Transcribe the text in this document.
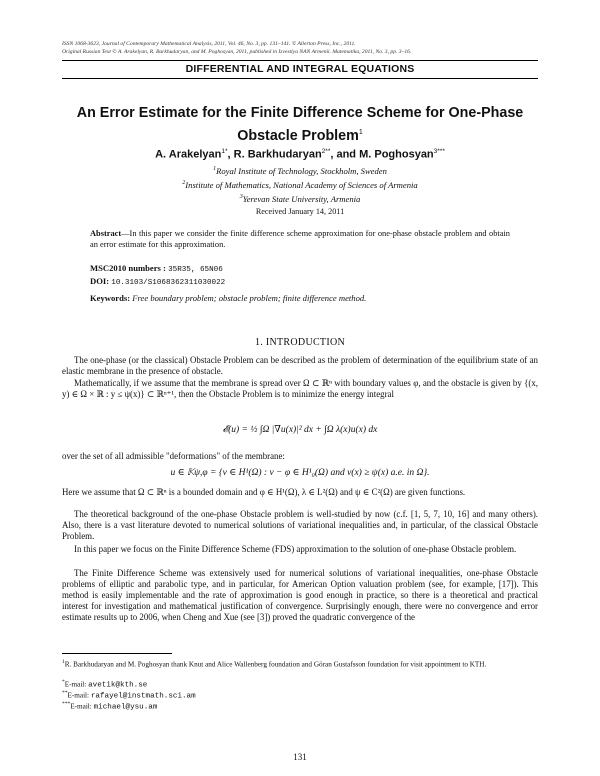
ISSN 1068-3623, Journal of Contemporary Mathematical Analysis, 2011, Vol. 46, No. 3, pp. 131–141. © Allerton Press, Inc., 2011.
Original Russian Text © A. Arakelyan, R. Barkhudaryan, and M. Poghosyan, 2011, published in Izvestiya NAN Armenii. Matematika, 2011, No. 3, pp. 3–16.
DIFFERENTIAL AND INTEGRAL EQUATIONS
An Error Estimate for the Finite Difference Scheme for One-Phase
Obstacle Problem$^1$
A. Arakelyan$^{1*}$, R. Barkhudaryan$^{2**}$, and M. Poghosyan$^{3***}$
$^1$Royal Institute of Technology, Stockholm, Sweden
$^2$Institute of Mathematics, National Academy of Sciences of Armenia
$^3$Yerevan State University, Armenia
Received January 14, 2011
Abstract—In this paper we consider the finite difference scheme approximation for one-phase obstacle problem and obtain an error estimate for this approximation.
MSC2010 numbers : 35R35, 65N06
DOI: 10.3103/S1068362311030022
Keywords: Free boundary problem; obstacle problem; finite difference method.
1. INTRODUCTION
The one-phase (or the classical) Obstacle Problem can be described as the problem of determination of the equilibrium state of an elastic membrane in the presence of obstacle.
Mathematically, if we assume that the membrane is spread over Ω ⊂ ℝⁿ with boundary values φ, and the obstacle is given by {(x, y) ∈ Ω × ℝ : y ≤ ψ(x)} ⊂ ℝⁿ⁺¹, then the Obstacle Problem is to minimize the energy integral
𝓔(u) = ½ ∫Ω |∇u(x)|² dx + ∫Ω λ(x)u(x) dx
over the set of all admissible "deformations" of the membrane:
u ∈ 𝕂ψ,φ = {v ∈ H¹(Ω) : v − φ ∈ H¹₀(Ω) and v(x) ≥ ψ(x) a.e. in Ω}.
Here we assume that Ω ⊂ ℝⁿ is a bounded domain and φ ∈ H¹(Ω), λ ∈ L²(Ω) and ψ ∈ C²(Ω) are given functions.
The theoretical background of the one-phase Obstacle problem is well-studied by now (c.f. [1, 5, 7, 10, 16] and many others). Also, there is a vast literature devoted to numerical solutions of variational inequalities and, in particular, of the classical Obstacle Problem.
In this paper we focus on the Finite Difference Scheme (FDS) approximation to the solution of one-phase Obstacle problem.
The Finite Difference Scheme was extensively used for numerical solutions of variational inequalities, one-phase Obstacle problems of elliptic and parabolic type, and in particular, for American Option valuation problem (see, for example, [17]). This method is easily implementable and the rate of approximation is good enough in practice, so there is a theoretical and practical interest for investigation and mathematical justification of convergence. Surprisingly enough, there were no convergence and error estimate results up to 2006, when Cheng and Xue (see [3]) proved the quadratic convergence of the
$^1$R. Barkhudaryan and M. Poghosyan thank Knut and Alice Wallenberg foundation and Göran Gustafsson foundation for visit appointment to KTH.
*E-mail: avetik@kth.se
**E-mail: rafayel@instmath.sci.am
***E-mail: michael@ysu.am
131
